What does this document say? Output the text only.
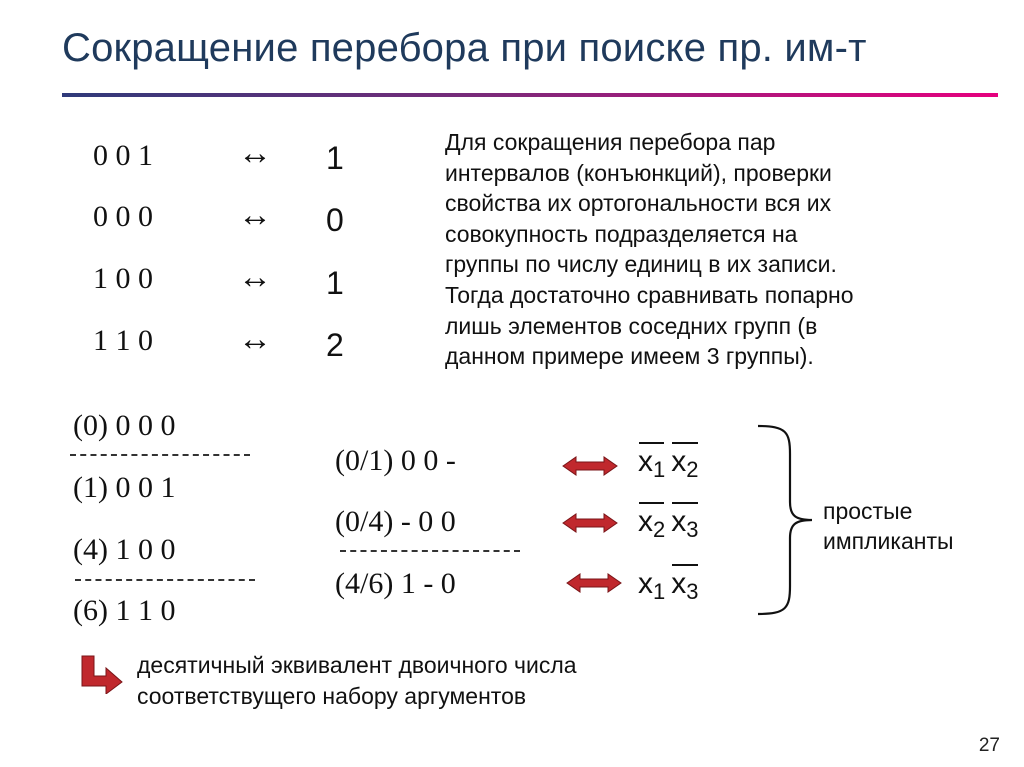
Сокращение перебора при поиске пр. им-т
0 0 1
0 0 0
1 0 0
1 1 0
↔
↔
↔
↔
1
0
1
2
Для сокращения перебора пар
интервалов (конъюнкций), проверки
свойства их ортогональности вся их
совокупность подразделяется на
группы по числу единиц в их записи.
Тогда достаточно сравнивать попарно
лишь элементов соседних групп (в
данном примере имеем 3 группы).
(0) 0 0 0
(1) 0 0 1
(4) 1 0 0
(6) 1 1 0
(0/1) 0 0 -
(0/4) - 0 0
(4/6) 1 - 0
$x_1$ $x_2$
$x_2$ $x_3$
$x_1$ $x_3$
простые
импликанты
десятичный эквивалент двоичного числа
соответствущего набору аргументов
27
